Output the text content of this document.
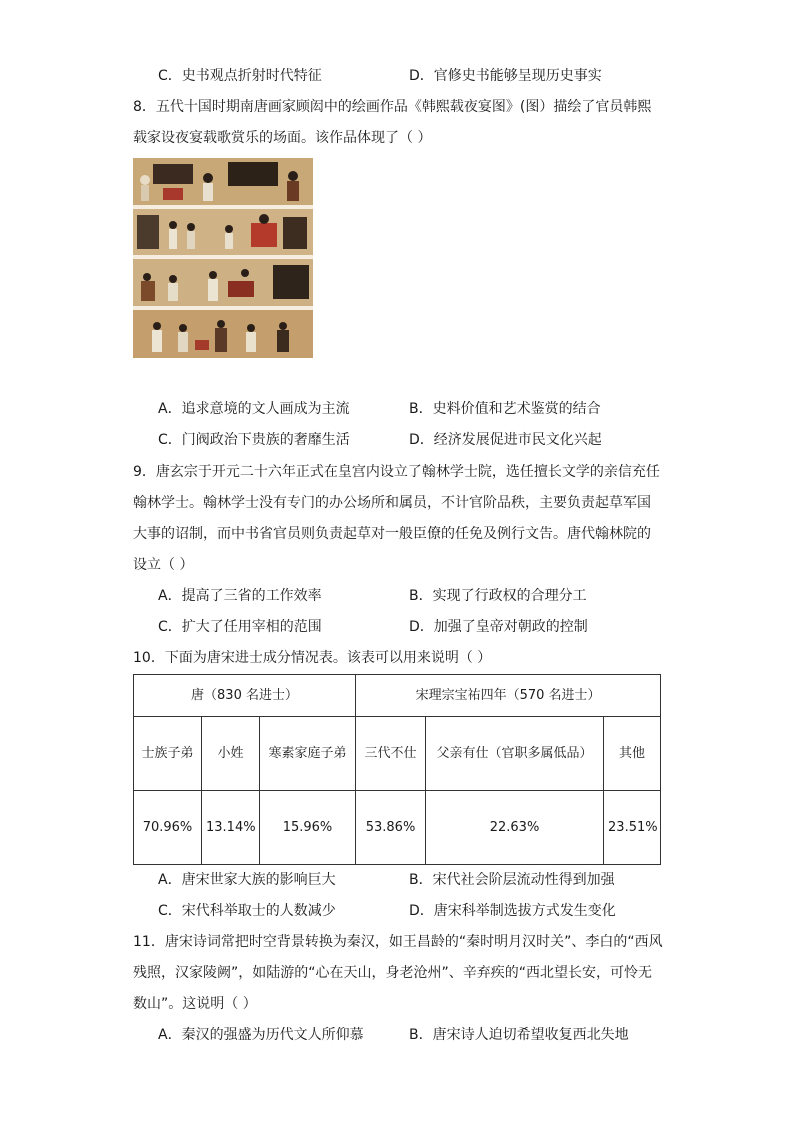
C．史书观点折射时代特征	D．官修史书能够呈现历史事实
8．五代十国时期南唐画家顾闳中的绘画作品《韩熙载夜宴图》(图）描绘了官员韩熙
载家设夜宴载歌赏乐的场面。该作品体现了（ ）
A．追求意境的文人画成为主流	B．史料价值和艺术鉴赏的结合
C．门阀政治下贵族的奢靡生活	D．经济发展促进市民文化兴起
9．唐玄宗于开元二十六年正式在皇宫内设立了翰林学士院，选任擅长文学的亲信充任
翰林学士。翰林学士没有专门的办公场所和属员，不计官阶品秩，主要负责起草军国
大事的诏制，而中书省官员则负责起草对一般臣僚的任免及例行文告。唐代翰林院的
设立（ ）
A．提高了三省的工作效率	B．实现了行政权的合理分工
C．扩大了任用宰相的范围	D．加强了皇帝对朝政的控制
10．下面为唐宋进士成分情况表。该表可以用来说明（ ）
唐（830 名进士）			宋理宗宝祐四年（570 名进士）		
士族子弟	小姓	寒素家庭子弟	三代不仕	父亲有仕（官职多属低品）	其他
70.96%	13.14%	15.96%	53.86%	22.63%	23.51%
A．唐宋世家大族的影响巨大	B．宋代社会阶层流动性得到加强
C．宋代科举取士的人数减少	D．唐宋科举制选拔方式发生变化
11．唐宋诗词常把时空背景转换为秦汉，如王昌龄的“秦时明月汉时关”、李白的“西风
残照，汉家陵阙”，如陆游的“心在天山，身老沧州”、辛弃疾的“西北望长安，可怜无
数山”。这说明（ ）
A．秦汉的强盛为历代文人所仰慕	B．唐宋诗人迫切希望收复西北失地
